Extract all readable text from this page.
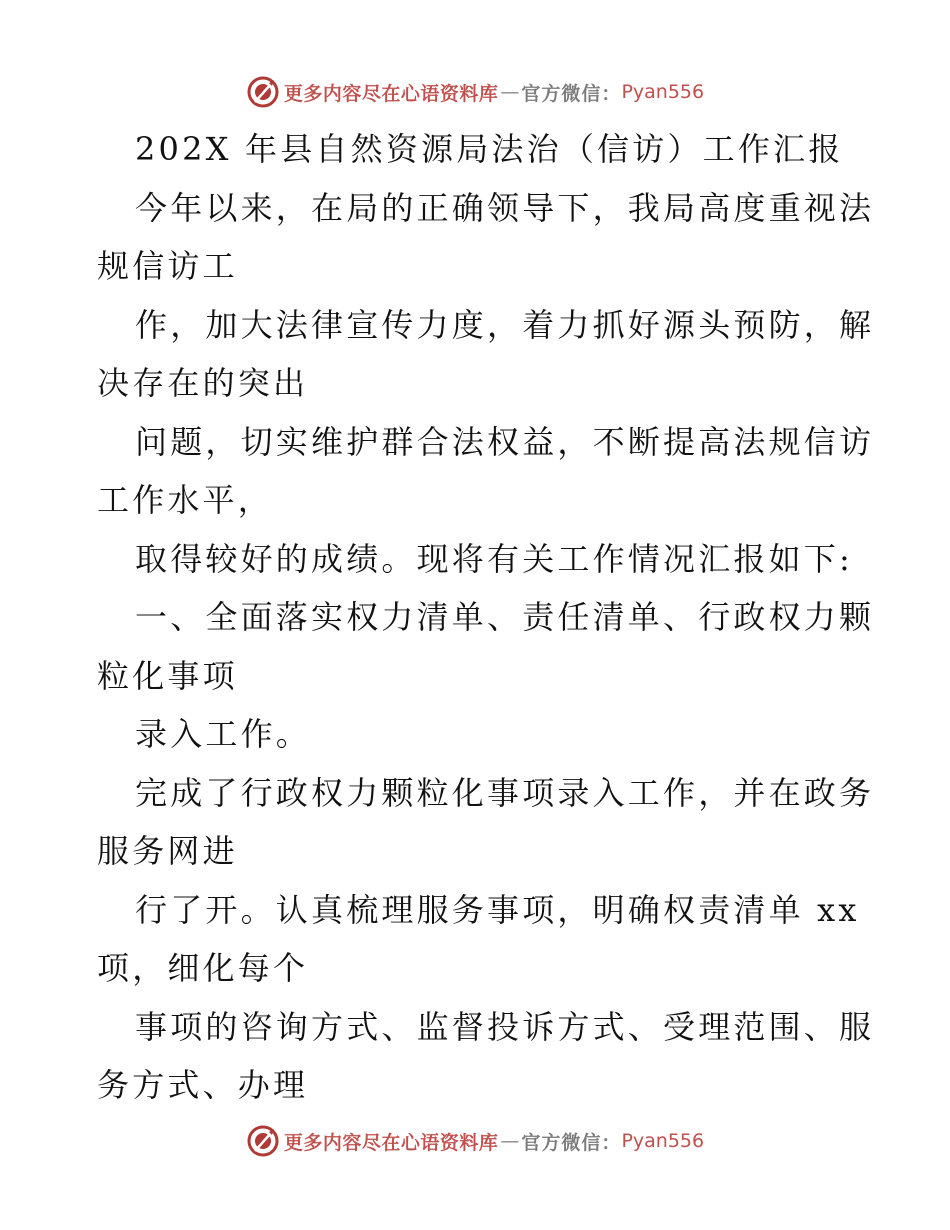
更多内容尽在心语资料库 — 官方微信： Pyan556
202X 年县自然资源局法治（信访）工作汇报
今年以来，在局的正确领导下，我局高度重视法
规信访工
作，加大法律宣传力度，着力抓好源头预防，解
决存在的突出
问题，切实维护群合法权益，不断提高法规信访
工作水平，
取得较好的成绩。现将有关工作情况汇报如下:
一、全面落实权力清单、责任清单、行政权力颗
粒化事项
录入工作。
完成了行政权力颗粒化事项录入工作，并在政务
服务网进
行了开。认真梳理服务事项，明确权责清单 xx
项，细化每个
事项的咨询方式、监督投诉方式、受理范围、服
务方式、办理
更多内容尽在心语资料库 — 官方微信： Pyan556
